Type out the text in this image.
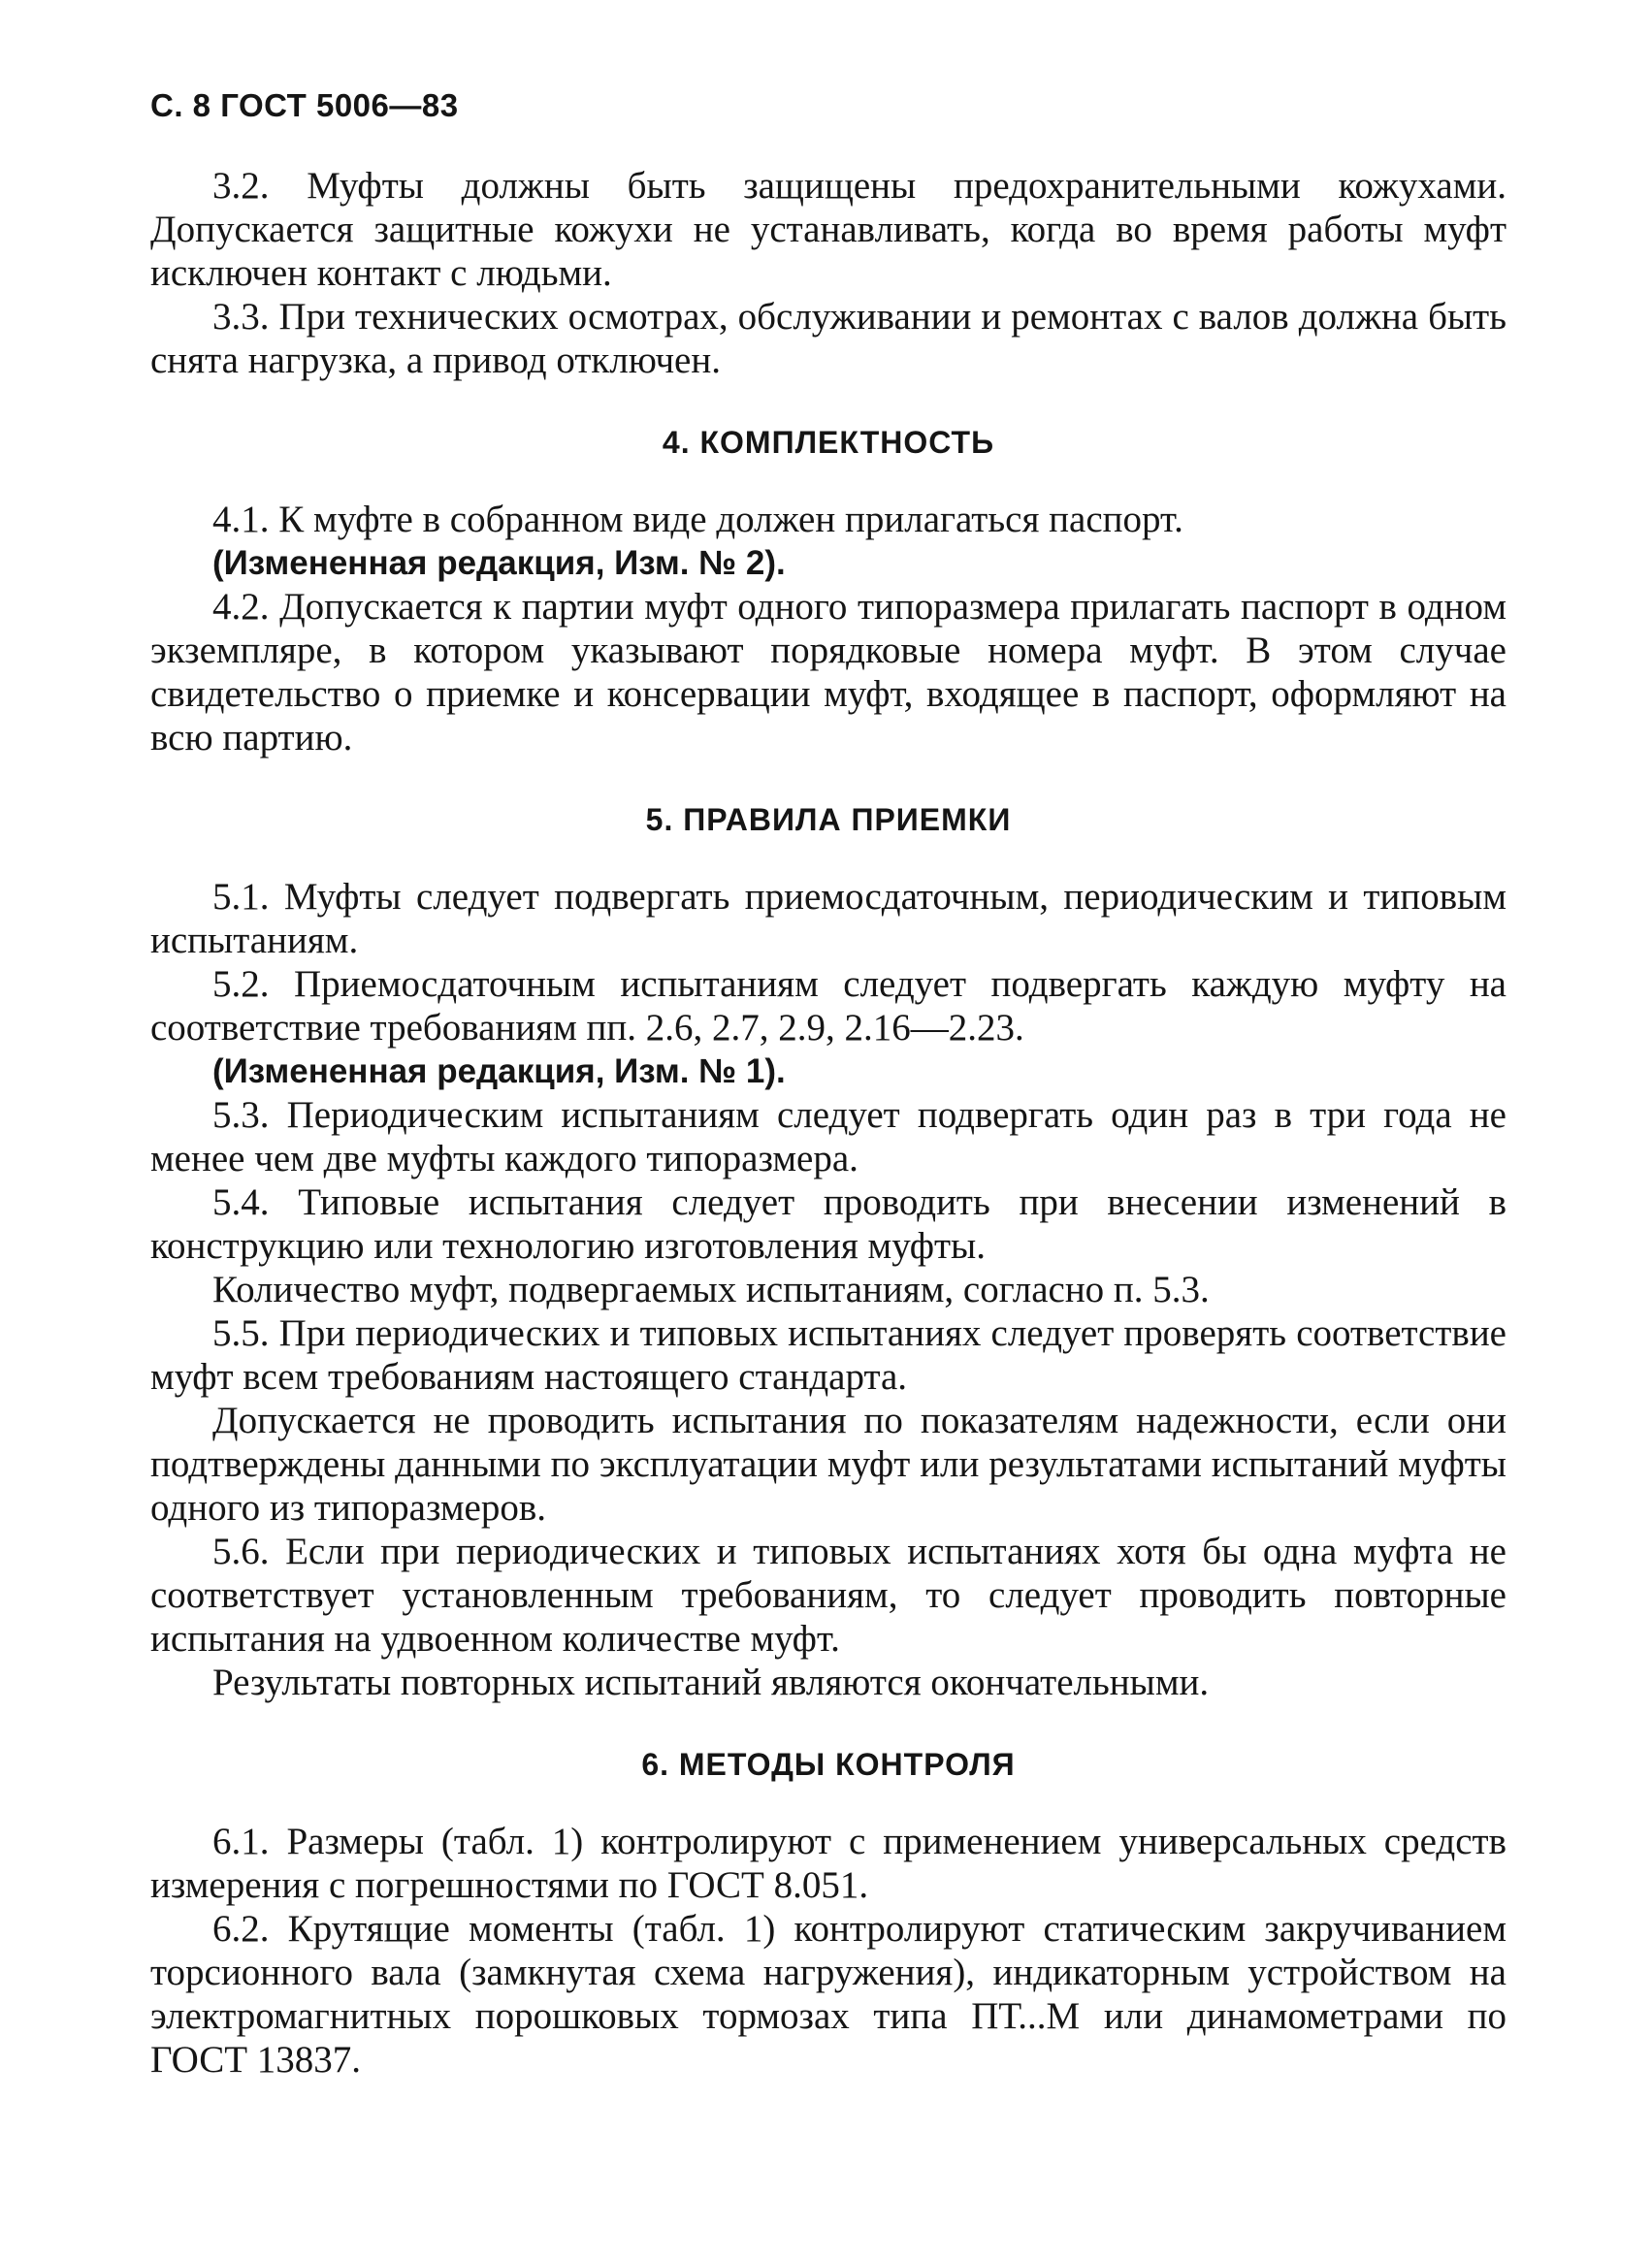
С. 8 ГОСТ 5006—83

3.2. Муфты должны быть защищены предохранительными кожухами. Допускается защитные кожухи не устанавливать, когда во время работы муфт исключен контакт с людьми.

3.3. При технических осмотрах, обслуживании и ремонтах с валов должна быть снята нагрузка, а привод отключен.

4. КОМПЛЕКТНОСТЬ

4.1. К муфте в собранном виде должен прилагаться паспорт.

(Измененная редакция, Изм. № 2).

4.2. Допускается к партии муфт одного типоразмера прилагать паспорт в одном экземпляре, в котором указывают порядковые номера муфт. В этом случае свидетельство о приемке и консервации муфт, входящее в паспорт, оформляют на всю партию.

5. ПРАВИЛА ПРИЕМКИ

5.1. Муфты следует подвергать приемосдаточным, периодическим и типовым испытаниям.

5.2. Приемосдаточным испытаниям следует подвергать каждую муфту на соответствие требованиям пп. 2.6, 2.7, 2.9, 2.16—2.23.

(Измененная редакция, Изм. № 1).

5.3. Периодическим испытаниям следует подвергать один раз в три года не менее чем две муфты каждого типоразмера.

5.4. Типовые испытания следует проводить при внесении изменений в конструкцию или технологию изготовления муфты.

Количество муфт, подвергаемых испытаниям, согласно п. 5.3.

5.5. При периодических и типовых испытаниях следует проверять соответствие муфт всем требованиям настоящего стандарта.

Допускается не проводить испытания по показателям надежности, если они подтверждены данными по эксплуатации муфт или результатами испытаний муфты одного из типоразмеров.

5.6. Если при периодических и типовых испытаниях хотя бы одна муфта не соответствует установленным требованиям, то следует проводить повторные испытания на удвоенном количестве муфт.

Результаты повторных испытаний являются окончательными.

6. МЕТОДЫ КОНТРОЛЯ

6.1. Размеры (табл. 1) контролируют с применением универсальных средств измерения с погрешностями по ГОСТ 8.051.

6.2. Крутящие моменты (табл. 1) контролируют статическим закручиванием торсионного вала (замкнутая схема нагружения), индикаторным устройством на электромагнитных порошковых тормозах типа ПТ...М или динамометрами по ГОСТ 13837.
